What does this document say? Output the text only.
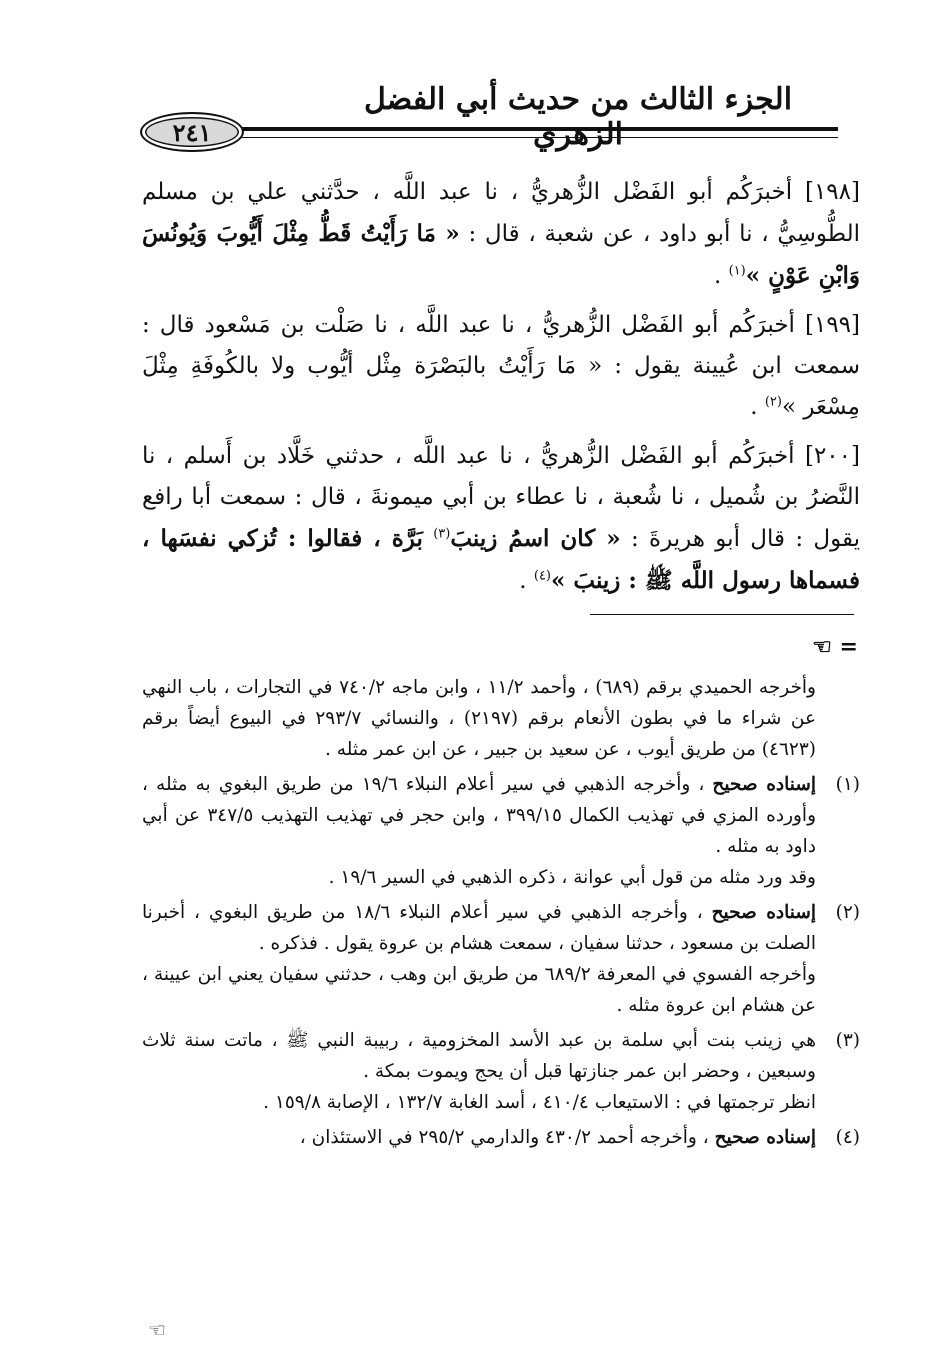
الجزء الثالث من حديث أبي الفضل الزهري
٢٤١

[١٩٨] أخبرَكُم أبو الفَضْل الزُّهريُّ ، نا عبد اللَّه ، حدَّثني علي بن مسلم الطُّوسِيُّ ، نا أبو داود ، عن شعبة ، قال : « مَا رَأَيْتُ قَطُّ مِثْلَ أَيُّوبَ وَيُونُسَ وَابْنِ عَوْنٍ »$^{(١)}$ .

[١٩٩] أخبرَكُم أبو الفَضْل الزُّهريُّ ، نا عبد اللَّه ، نا صَلْت بن مَسْعود قال : سمعت ابن عُيينة يقول : « مَا رَأَيْتُ بالبَصْرَة مِثْل أيُّوب ولا بالكُوفَةِ مِثْلَ مِسْعَر »$^{(٢)}$ .

[٢٠٠] أخبرَكُم أبو الفَضْل الزُّهريُّ ، نا عبد اللَّه ، حدثني خَلَّاد بن أَسلم ، نا النَّضرُ بن شُميل ، نا شُعبة ، نا عطاء بن أبي ميمونةَ ، قال : سمعت أبا رافع يقول : قال أبو هريرةَ : « كان اسمُ زينبَ$^{(٣)}$ بَرَّة ، فقالوا : تُزكي نفسَها ، فسماها رسول اللَّه ﷺ : زينبَ »$^{(٤)}$ .

= ☜
وأخرجه الحميدي برقم (٦٨٩) ، وأحمد ١١/٢ ، وابن ماجه ٧٤٠/٢ في التجارات ، باب النهي عن شراء ما في بطون الأنعام برقم (٢١٩٧) ، والنسائي ٢٩٣/٧ في البيوع أيضاً برقم (٤٦٢٣) من طريق أيوب ، عن سعيد بن جبير ، عن ابن عمر مثله .
(١)
إسناده صحيح ، وأخرجه الذهبي في سير أعلام النبلاء ١٩/٦ من طريق البغوي به مثله ، وأورده المزي في تهذيب الكمال ٣٩٩/١٥ ، وابن حجر في تهذيب التهذيب ٣٤٧/٥ عن أبي داود به مثله .
وقد ورد مثله من قول أبي عوانة ، ذكره الذهبي في السير ١٩/٦ .
(٢)
إسناده صحيح ، وأخرجه الذهبي في سير أعلام النبلاء ١٨/٦ من طريق البغوي ، أخبرنا الصلت بن مسعود ، حدثنا سفيان ، سمعت هشام بن عروة يقول . فذكره .
وأخرجه الفسوي في المعرفة ٦٨٩/٢ من طريق ابن وهب ، حدثني سفيان يعني ابن عيينة ، عن هشام ابن عروة مثله .
(٣)
هي زينب بنت أبي سلمة بن عبد الأسد المخزومية ، ربيبة النبي ﷺ ، ماتت سنة ثلاث وسبعين ، وحضر ابن عمر جنازتها قبل أن يحج ويموت بمكة .
انظر ترجمتها في : الاستيعاب ٤١٠/٤ ، أسد الغابة ١٣٢/٧ ، الإصابة ١٥٩/٨ .
(٤)
إسناده صحيح ، وأخرجه أحمد ٤٣٠/٢ والدارمي ٢٩٥/٢ في الاستئذان ،
☜
